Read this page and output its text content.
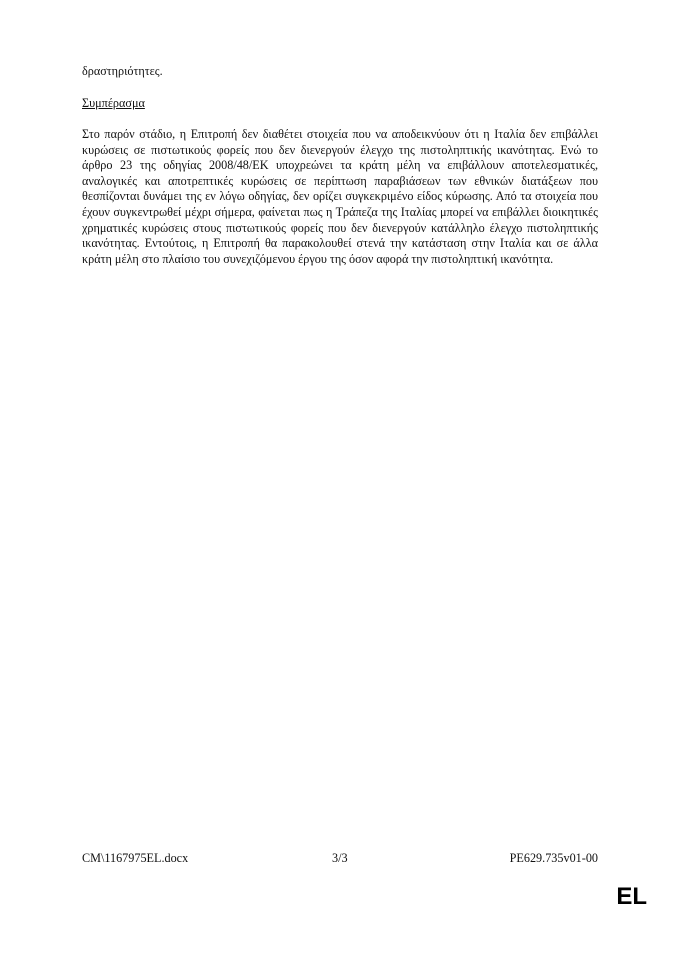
δραστηριότητες.
Συμπέρασμα
Στο παρόν στάδιο, η Επιτροπή δεν διαθέτει στοιχεία που να αποδεικνύουν ότι η Ιταλία δεν επιβάλλει κυρώσεις σε πιστωτικούς φορείς που δεν διενεργούν έλεγχο της πιστοληπτικής ικανότητας. Ενώ το άρθρο 23 της οδηγίας 2008/48/ΕΚ υποχρεώνει τα κράτη μέλη να επιβάλλουν αποτελεσματικές, αναλογικές και αποτρεπτικές κυρώσεις σε περίπτωση παραβιάσεων των εθνικών διατάξεων που θεσπίζονται δυνάμει της εν λόγω οδηγίας, δεν ορίζει συγκεκριμένο είδος κύρωσης. Από τα στοιχεία που έχουν συγκεντρωθεί μέχρι σήμερα, φαίνεται πως η Τράπεζα της Ιταλίας μπορεί να επιβάλλει διοικητικές χρηματικές κυρώσεις στους πιστωτικούς φορείς που δεν διενεργούν κατάλληλο έλεγχο πιστοληπτικής ικανότητας. Εντούτοις, η Επιτροπή θα παρακολουθεί στενά την κατάσταση στην Ιταλία και σε άλλα κράτη μέλη στο πλαίσιο του συνεχιζόμενου έργου της όσον αφορά την πιστοληπτική ικανότητα.
CM\1167975EL.docx	3/3	PE629.735v01-00
EL
